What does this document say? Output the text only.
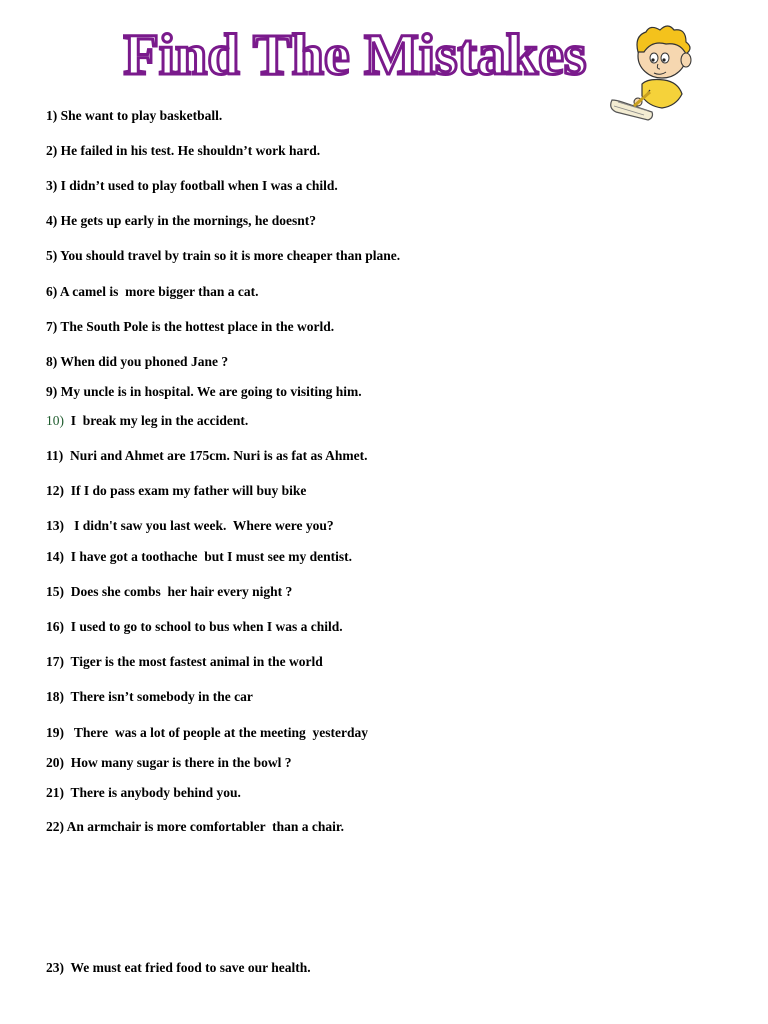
Find The Mistakes
1) She want to play basketball.
2) He failed in his test. He shouldn’t work hard.
3) I didn’t used to play football when I was a child.
4) He gets up early in the mornings, he doesnt?
5) You should travel by train so it is more cheaper than plane.
6) A camel is  more bigger than a cat.
7) The South Pole is the hottest place in the world.
8) When did you phoned Jane ?
9) My uncle is in hospital. We are going to visiting him.
10)  I  break my leg in the accident.
11)  Nuri and Ahmet are 175cm. Nuri is as fat as Ahmet.
12)  If I do pass exam my father will buy bike
13)   I didn't saw you last week.  Where were you?
14)  I have got a toothache  but I must see my dentist.
15)  Does she combs  her hair every night ?
16)  I used to go to school to bus when I was a child.
17)  Tiger is the most fastest animal in the world
18)  There isn’t somebody in the car
19)   There  was a lot of people at the meeting  yesterday
20)  How many sugar is there in the bowl ?
21)  There is anybody behind you.
22) An armchair is more comfortabler  than a chair.
23)  We must eat fried food to save our health.
